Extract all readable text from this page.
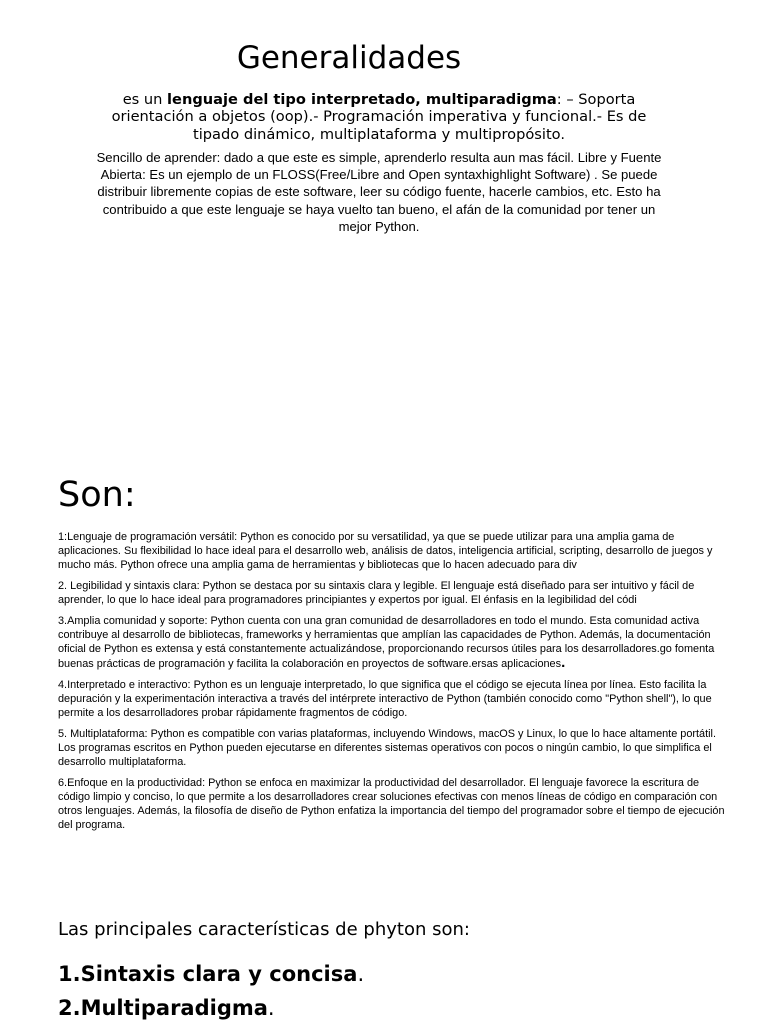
Generalidades

es un lenguaje del tipo interpretado, multiparadigma: – Soporta orientación a objetos (oop).- Programación imperativa y funcional.- Es de tipado dinámico, multiplataforma y multipropósito.

Sencillo de aprender: dado a que este es simple, aprenderlo resulta aun mas fácil. Libre y Fuente Abierta: Es un ejemplo de un FLOSS(Free/Libre and Open syntaxhighlight Software) . Se puede distribuir libremente copias de este software, leer su código fuente, hacerle cambios, etc. Esto ha contribuido a que este lenguaje se haya vuelto tan bueno, el afán de la comunidad por tener un mejor Python.

Son:

1:Lenguaje de programación versátil: Python es conocido por su versatilidad, ya que se puede utilizar para una amplia gama de aplicaciones. Su flexibilidad lo hace ideal para el desarrollo web, análisis de datos, inteligencia artificial, scripting, desarrollo de juegos y mucho más. Python ofrece una amplia gama de herramientas y bibliotecas que lo hacen adecuado para div

2. Legibilidad y sintaxis clara: Python se destaca por su sintaxis clara y legible. El lenguaje está diseñado para ser intuitivo y fácil de aprender, lo que lo hace ideal para programadores principiantes y expertos por igual. El énfasis en la legibilidad del códi

3.Amplia comunidad y soporte: Python cuenta con una gran comunidad de desarrolladores en todo el mundo. Esta comunidad activa contribuye al desarrollo de bibliotecas, frameworks y herramientas que amplían las capacidades de Python. Además, la documentación oficial de Python es extensa y está constantemente actualizándose, proporcionando recursos útiles para los desarrolladores.go fomenta buenas prácticas de programación y facilita la colaboración en proyectos de software.ersas aplicaciones.

4.Interpretado e interactivo: Python es un lenguaje interpretado, lo que significa que el código se ejecuta línea por línea. Esto facilita la depuración y la experimentación interactiva a través del intérprete interactivo de Python (también conocido como "Python shell"), lo que permite a los desarrolladores probar rápidamente fragmentos de código.

5. Multiplataforma: Python es compatible con varias plataformas, incluyendo Windows, macOS y Linux, lo que lo hace altamente portátil. Los programas escritos en Python pueden ejecutarse en diferentes sistemas operativos con pocos o ningún cambio, lo que simplifica el desarrollo multiplataforma.

6.Enfoque en la productividad: Python se enfoca en maximizar la productividad del desarrollador. El lenguaje favorece la escritura de código limpio y conciso, lo que permite a los desarrolladores crear soluciones efectivas con menos líneas de código en comparación con otros lenguajes. Además, la filosofía de diseño de Python enfatiza la importancia del tiempo del programador sobre el tiempo de ejecución del programa.

Las principales características de phyton son:

1.Sintaxis clara y concisa.

2.Multiparadigma.
